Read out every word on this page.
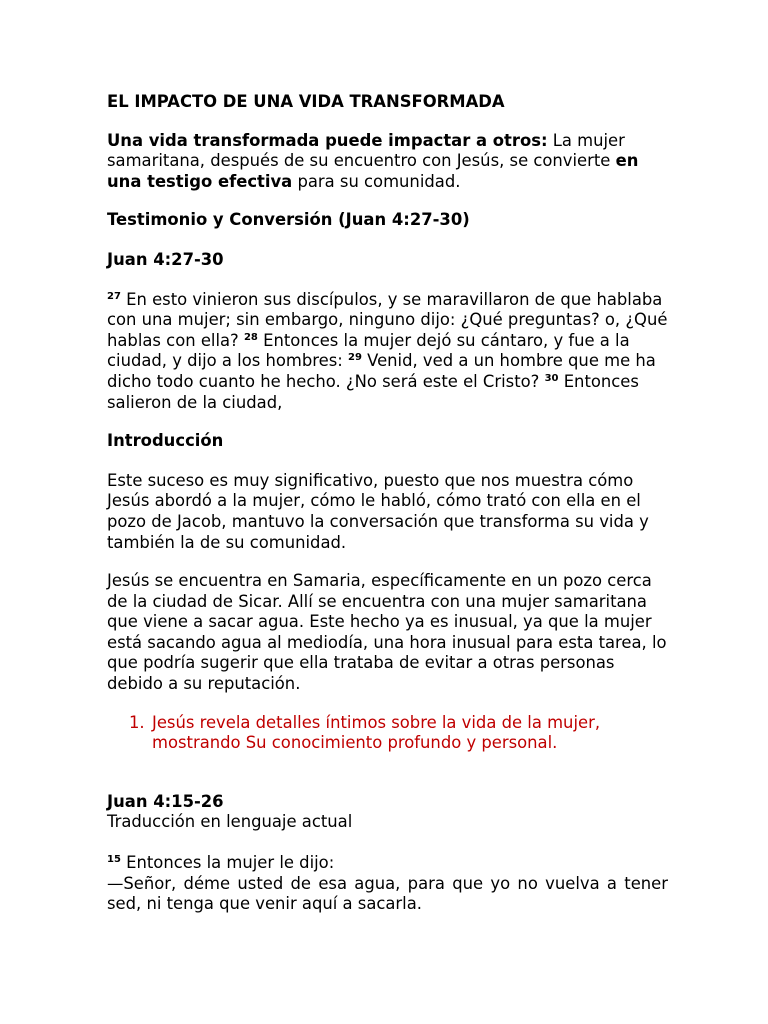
EL IMPACTO DE UNA VIDA TRANSFORMADA

Una vida transformada puede impactar a otros: La mujer samaritana, después de su encuentro con Jesús, se convierte en una testigo efectiva para su comunidad.

Testimonio y Conversión (Juan 4:27-30)

Juan 4:27-30

$^{27}$ En esto vinieron sus discípulos, y se maravillaron de que hablaba con una mujer; sin embargo, ninguno dijo: ¿Qué preguntas? o, ¿Qué hablas con ella? $^{28}$ Entonces la mujer dejó su cántaro, y fue a la ciudad, y dijo a los hombres: $^{29}$ Venid, ved a un hombre que me ha dicho todo cuanto he hecho. ¿No será este el Cristo? $^{30}$ Entonces salieron de la ciudad,

Introducción

Este suceso es muy significativo, puesto que nos muestra cómo Jesús abordó a la mujer, cómo le habló, cómo trató con ella en el pozo de Jacob, mantuvo la conversación que transforma su vida y también la de su comunidad.

Jesús se encuentra en Samaria, específicamente en un pozo cerca de la ciudad de Sicar. Allí se encuentra con una mujer samaritana que viene a sacar agua. Este hecho ya es inusual, ya que la mujer está sacando agua al mediodía, una hora inusual para esta tarea, lo que podría sugerir que ella trataba de evitar a otras personas debido a su reputación.

1. Jesús revela detalles íntimos sobre la vida de la mujer, mostrando Su conocimiento profundo y personal.

Juan 4:15-26

Traducción en lenguaje actual

$^{15}$ Entonces la mujer le dijo:

—Señor, déme usted de esa agua, para que yo no vuelva a tener sed, ni tenga que venir aquí a sacarla.
